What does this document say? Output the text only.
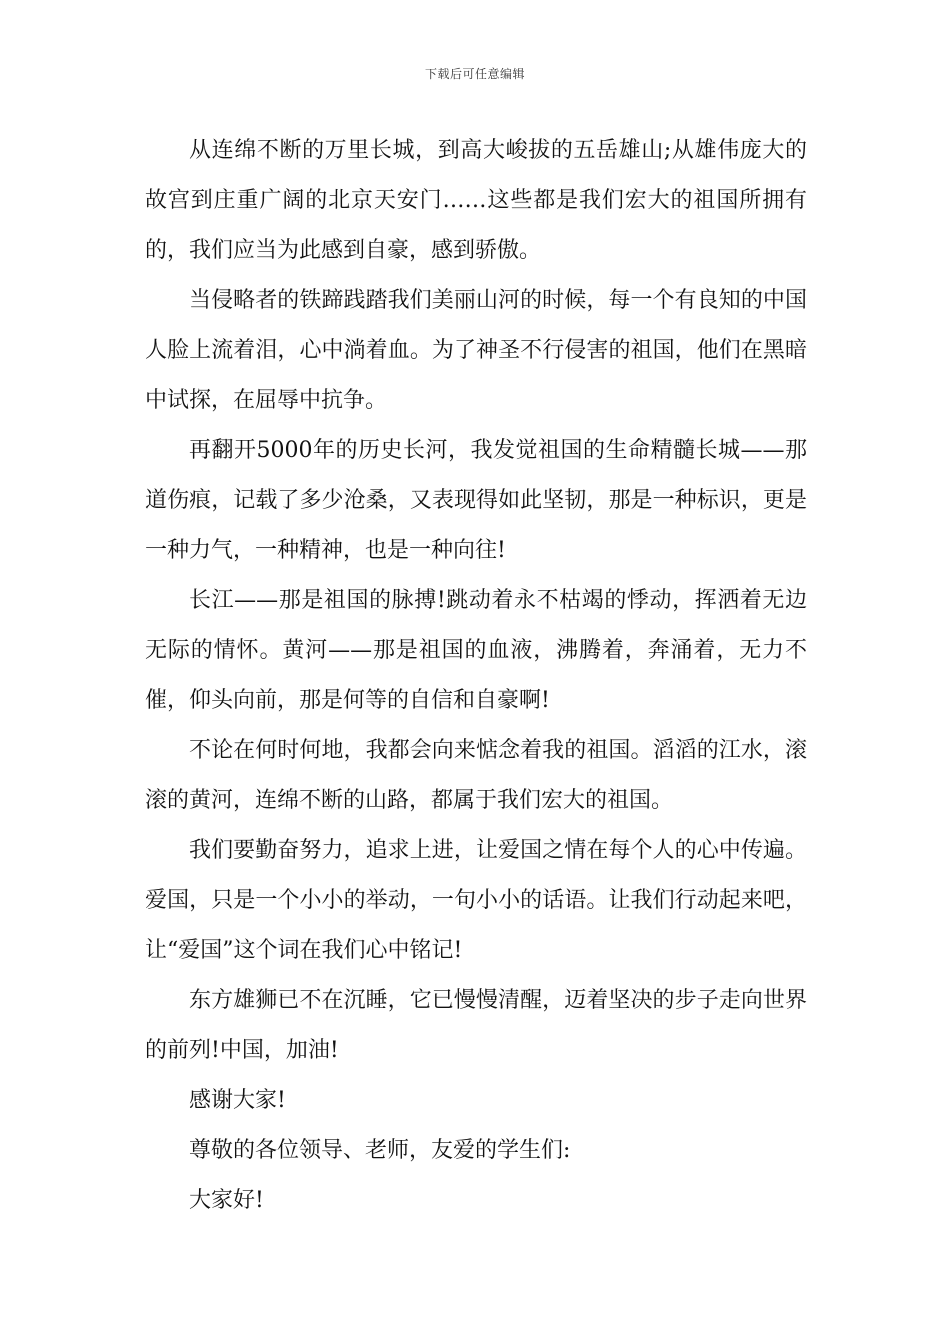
下载后可任意编辑

从连绵不断的万里长城，到高大峻拔的五岳雄山;从雄伟庞大的故宫到庄重广阔的北京天安门……这些都是我们宏大的祖国所拥有的，我们应当为此感到自豪，感到骄傲。

当侵略者的铁蹄践踏我们美丽山河的时候，每一个有良知的中国人脸上流着泪，心中淌着血。为了神圣不行侵害的祖国，他们在黑暗中试探，在屈辱中抗争。

再翻开5000年的历史长河，我发觉祖国的生命精髓长城——那道伤痕，记载了多少沧桑，又表现得如此坚韧，那是一种标识，更是一种力气，一种精神，也是一种向往!

长江——那是祖国的脉搏!跳动着永不枯竭的悸动，挥洒着无边无际的情怀。黄河——那是祖国的血液，沸腾着，奔涌着，无力不催，仰头向前，那是何等的自信和自豪啊!

不论在何时何地，我都会向来惦念着我的祖国。滔滔的江水，滚滚的黄河，连绵不断的山路，都属于我们宏大的祖国。

我们要勤奋努力，追求上进，让爱国之情在每个人的心中传遍。爱国，只是一个小小的举动，一句小小的话语。让我们行动起来吧，让“爱国”这个词在我们心中铭记!

东方雄狮已不在沉睡，它已慢慢清醒，迈着坚决的步子走向世界的前列!中国，加油!

感谢大家!

尊敬的各位领导、老师，友爱的学生们:

大家好!
